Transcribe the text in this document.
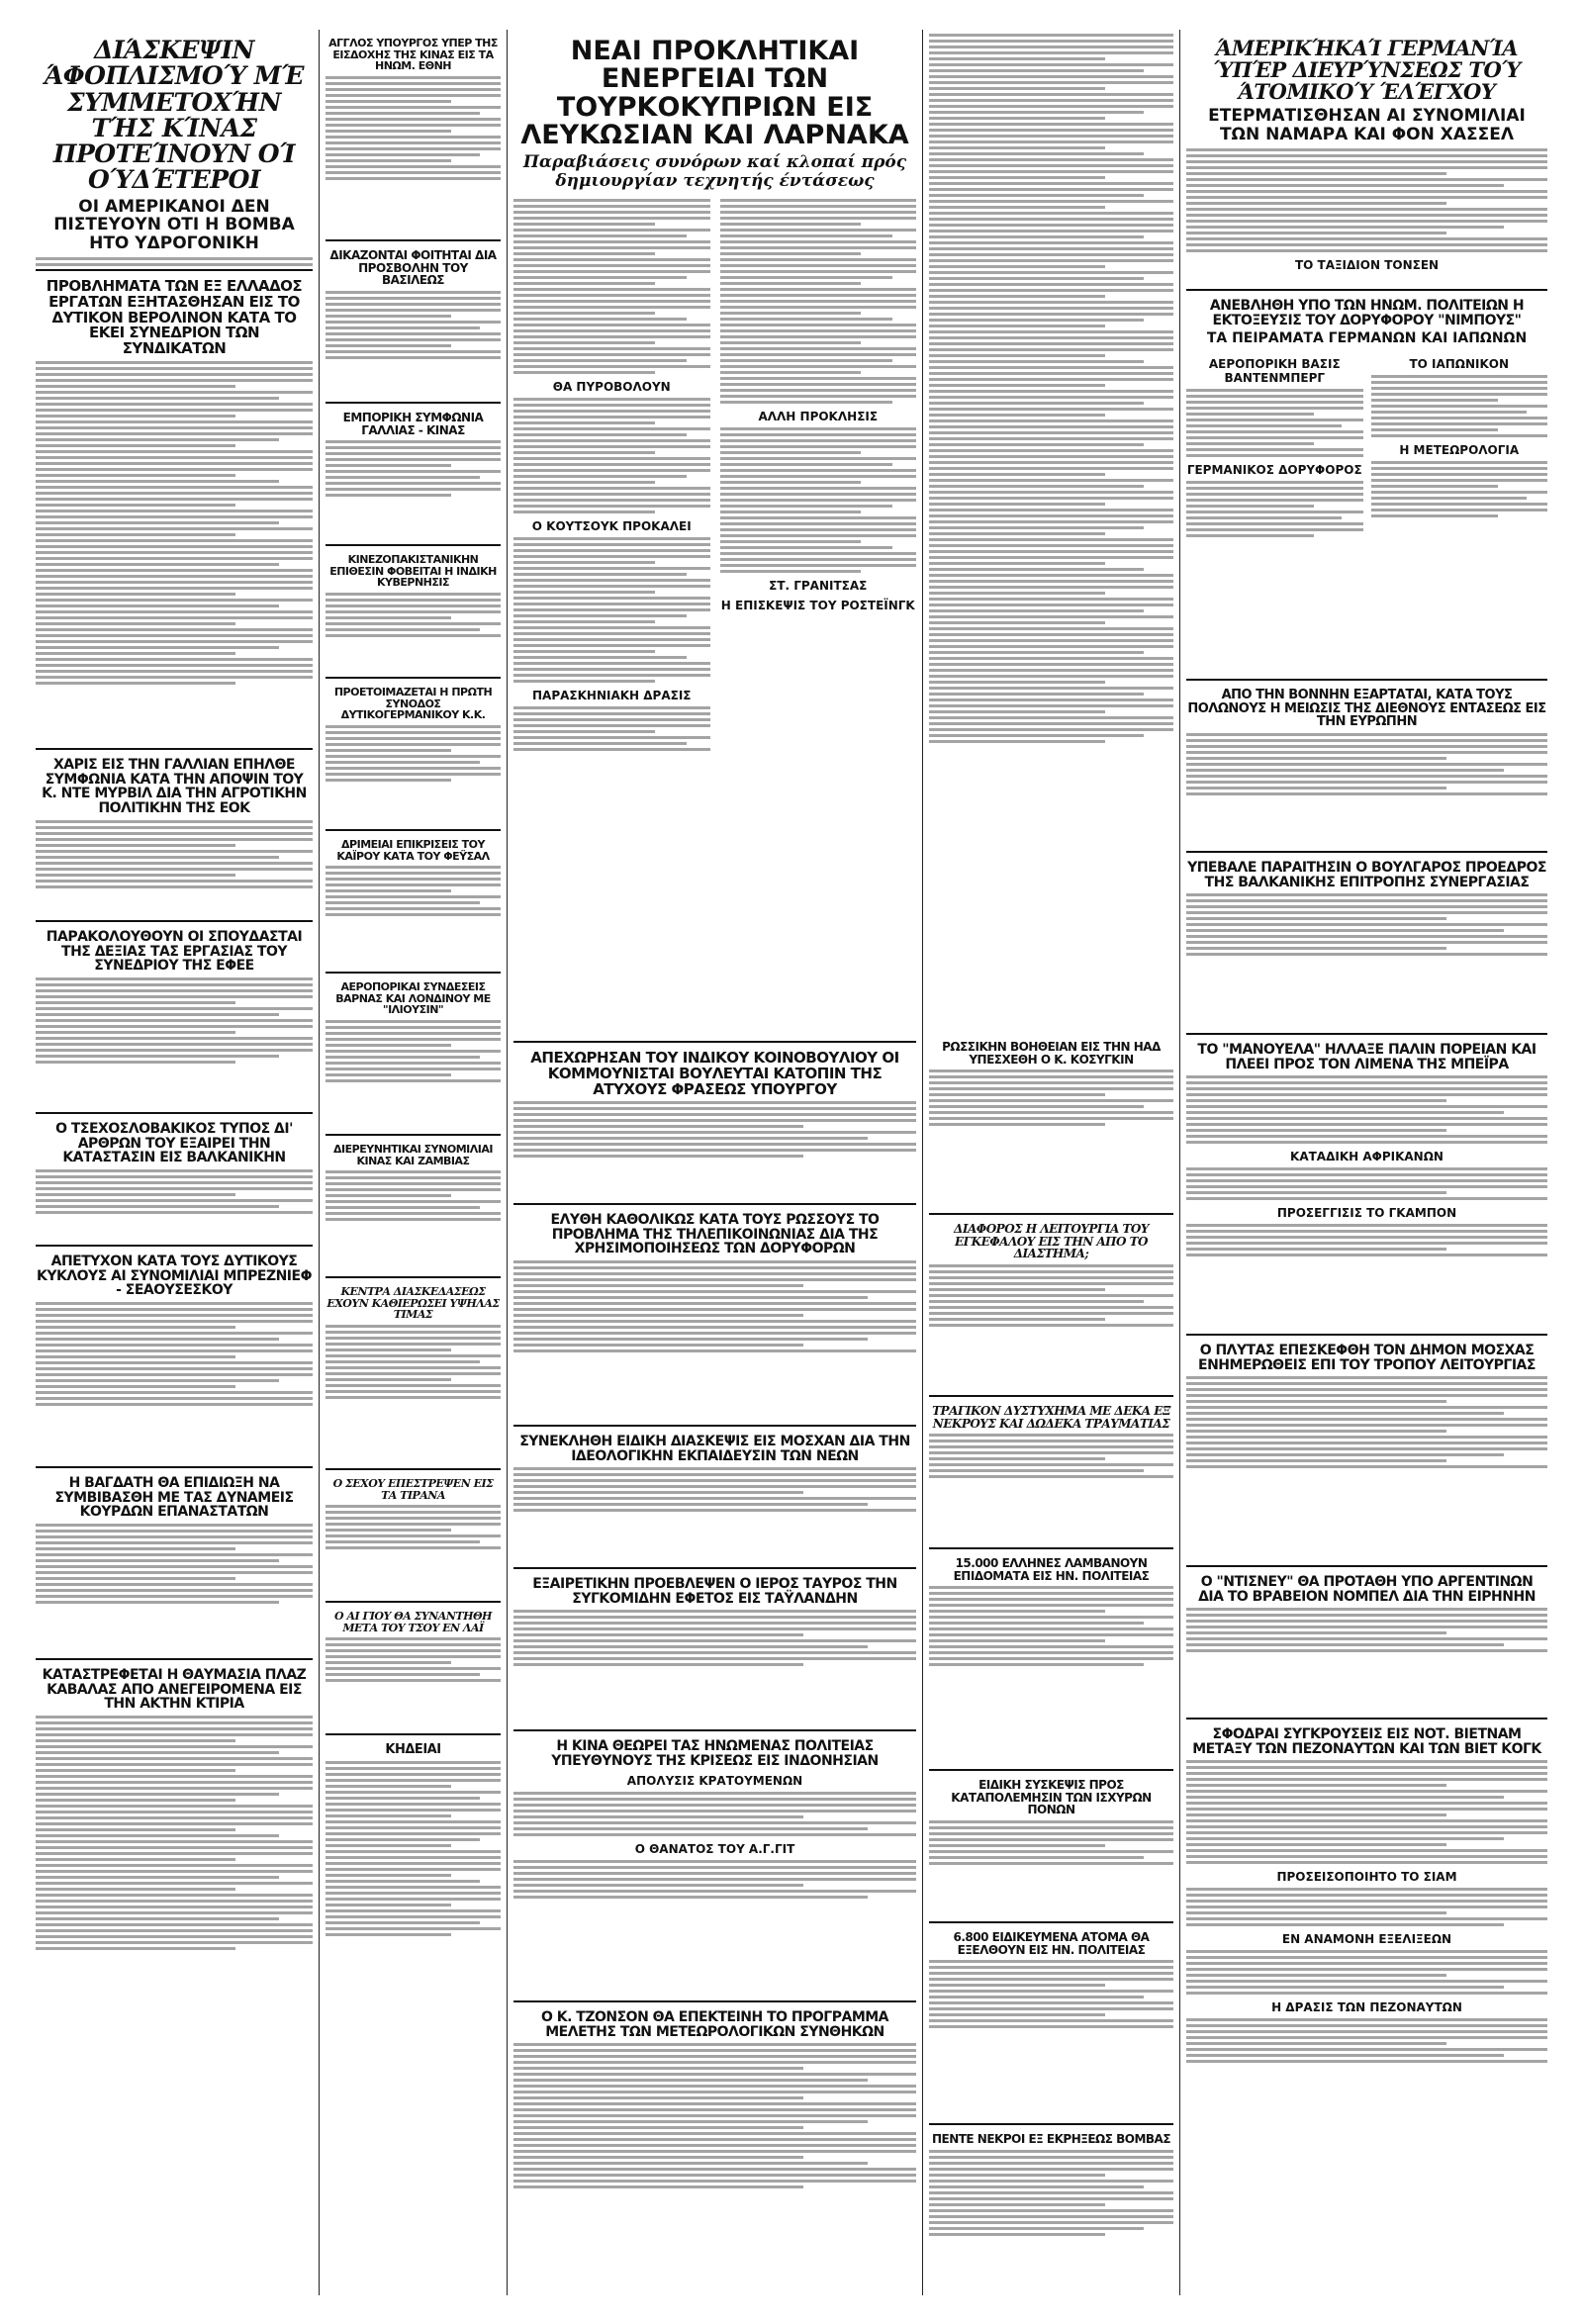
ΔΙΆΣΚΕΨΙΝ ΆΦΟΠΛΙΣΜΟΎ ΜΈ ΣΥΜΜΕΤΟΧΉΝ ΤΉΣ ΚΊΝΑΣ ΠΡΟΤΕΊΝΟΥΝ ΟΊ ΟΎΔΈΤΕΡΟΙ
ΟΙ ΑΜΕΡΙΚΑΝΟΙ ΔΕΝ ΠΙΣΤΕΥΟΥΝ ΟΤΙ Η ΒΟΜΒΑ ΗΤΟ ΥΔΡΟΓΟΝΙΚΗ
ΠΡΟΒΛΗΜΑΤΑ ΤΩΝ ΕΞ ΕΛΛΑΔΟΣ ΕΡΓΑΤΩΝ ΕΞΗΤΑΣΘΗΣΑΝ ΕΙΣ ΤΟ ΔΥΤΙΚΟΝ ΒΕΡΟΛΙΝΟΝ ΚΑΤΑ ΤΟ ΕΚΕΙ ΣΥΝΕΔΡΙΟΝ ΤΩΝ ΣΥΝΔΙΚΑΤΩΝ
ΧΑΡΙΣ ΕΙΣ ΤΗΝ ΓΑΛΛΙΑΝ ΕΠΗΛΘΕ ΣΥΜΦΩΝΙΑ ΚΑΤΑ ΤΗΝ ΑΠΟΨΙΝ ΤΟΥ Κ. ΝΤΕ ΜΥΡΒΙΛ ΔΙΑ ΤΗΝ ΑΓΡΟΤΙΚΗΝ ΠΟΛΙΤΙΚΗΝ ΤΗΣ ΕΟΚ
ΠΑΡΑΚΟΛΟΥΘΟΥΝ ΟΙ ΣΠΟΥΔΑΣΤΑΙ ΤΗΣ ΔΕΞΙΑΣ ΤΑΣ ΕΡΓΑΣΙΑΣ ΤΟΥ ΣΥΝΕΔΡΙΟΥ ΤΗΣ ΕΦΕΕ
Ο ΤΣΕΧΟΣΛΟΒΑΚΙΚΟΣ ΤΥΠΟΣ ΔΙ' ΑΡΘΡΩΝ ΤΟΥ ΕΞΑΙΡΕΙ ΤΗΝ ΚΑΤΑΣΤΑΣΙΝ ΕΙΣ ΒΑΛΚΑΝΙΚΗΝ
ΑΠΕΤΥΧΟΝ ΚΑΤΑ ΤΟΥΣ ΔΥΤΙΚΟΥΣ ΚΥΚΛΟΥΣ ΑΙ ΣΥΝΟΜΙΛΙΑΙ ΜΠΡΕΖΝΙΕΦ - ΣΕΑΟΥΣΕΣΚΟΥ
Η ΒΑΓΔΑΤΗ ΘΑ ΕΠΙΔΙΩΞΗ ΝΑ ΣΥΜΒΙΒΑΣΘΗ ΜΕ ΤΑΣ ΔΥΝΑΜΕΙΣ ΚΟΥΡΔΩΝ ΕΠΑΝΑΣΤΑΤΩΝ
ΚΑΤΑΣΤΡΕΦΕΤΑΙ Η ΘΑΥΜΑΣΙΑ ΠΛΑΖ ΚΑΒΑΛΑΣ ΑΠΟ ΑΝΕΓΕΙΡΟΜΕΝΑ ΕΙΣ ΤΗΝ ΑΚΤΗΝ ΚΤΙΡΙΑ
ΑΓΓΛΟΣ ΥΠΟΥΡΓΟΣ ΥΠΕΡ ΤΗΣ ΕΙΣΔΟΧΗΣ ΤΗΣ ΚΙΝΑΣ ΕΙΣ ΤΑ ΗΝΩΜ. ΕΘΝΗ
ΔΙΚΑΖΟΝΤΑΙ ΦΟΙΤΗΤΑΙ ΔΙΑ ΠΡΟΣΒΟΛΗΝ ΤΟΥ ΒΑΣΙΛΕΩΣ
ΕΜΠΟΡΙΚΗ ΣΥΜΦΩΝΙΑ ΓΑΛΛΙΑΣ - ΚΙΝΑΣ
ΚΙΝΕΖΟΠΑΚΙΣΤΑΝΙΚΗΝ ΕΠΙΘΕΣΙΝ ΦΟΒΕΙΤΑΙ Η ΙΝΔΙΚΗ ΚΥΒΕΡΝΗΣΙΣ
ΠΡΟΕΤΟΙΜΑΖΕΤΑΙ Η ΠΡΩΤΗ ΣΥΝΟΔΟΣ ΔΥΤΙΚΟΓΕΡΜΑΝΙΚΟΥ Κ.Κ.
ΔΡΙΜΕΙΑΙ ΕΠΙΚΡΙΣΕΙΣ ΤΟΥ ΚΑΪΡΟΥ ΚΑΤΑ ΤΟΥ ΦΕΫΣΑΛ
ΑΕΡΟΠΟΡΙΚΑΙ ΣΥΝΔΕΣΕΙΣ ΒΑΡΝΑΣ ΚΑΙ ΛΟΝΔΙΝΟΥ ΜΕ "ΙΛΙΟΥΣΙΝ"
ΔΙΕΡΕΥΝΗΤΙΚΑΙ ΣΥΝΟΜΙΛΙΑΙ ΚΙΝΑΣ ΚΑΙ ΖΑΜΒΙΑΣ
ΚΕΝΤΡΑ ΔΙΑΣΚΕΔΑΣΕΩΣ ΕΧΟΥΝ ΚΑΘΙΕΡΩΣΕΙ ΥΨΗΛΑΣ ΤΙΜΑΣ
Ο ΣΕΧΟΥ ΕΠΕΣΤΡΕΨΕΝ ΕΙΣ ΤΑ ΤΙΡΑΝΑ
Ο ΑΙ ΓΙΟΥ ΘΑ ΣΥΝΑΝΤΗΘΗ ΜΕΤΑ ΤΟΥ ΤΣΟΥ ΕΝ ΛΑΪ
ΚΗΔΕΙΑΙ
ΝΕΑΙ ΠΡΟΚΛΗΤΙΚΑΙ ΕΝΕΡΓΕΙΑΙ ΤΩΝ ΤΟΥΡΚΟΚΥΠΡΙΩΝ ΕΙΣ ΛΕΥΚΩΣΙΑΝ ΚΑΙ ΛΑΡΝΑΚΑ
Παραβιάσεις συνόρων καί κλοπαί πρός δημιουργίαν τεχνητής έντάσεως
ΘΑ ΠΥΡΟΒΟΛΟΥΝ
Ο ΚΟΥΤΣΟΥΚ ΠΡΟΚΑΛΕΙ
ΠΑΡΑΣΚΗΝΙΑΚΗ ΔΡΑΣΙΣ
ΑΛΛΗ ΠΡΟΚΛΗΣΙΣ
ΣΤ. ΓΡΑΝΙΤΣΑΣ
Η ΕΠΙΣΚΕΨΙΣ ΤΟΥ ΡΟΣΤΕΪΝΓΚ
ΑΠΕΧΩΡΗΣΑΝ ΤΟΥ ΙΝΔΙΚΟΥ ΚΟΙΝΟΒΟΥΛΙΟΥ ΟΙ ΚΟΜΜΟΥΝΙΣΤΑΙ ΒΟΥΛΕΥΤΑΙ ΚΑΤΟΠΙΝ ΤΗΣ ΑΤΥΧΟΥΣ ΦΡΑΣΕΩΣ ΥΠΟΥΡΓΟΥ
ΕΛΥΘΗ ΚΑΘΟΛΙΚΩΣ ΚΑΤΑ ΤΟΥΣ ΡΩΣΣΟΥΣ ΤΟ ΠΡΟΒΛΗΜΑ ΤΗΣ ΤΗΛΕΠΙΚΟΙΝΩΝΙΑΣ ΔΙΑ ΤΗΣ ΧΡΗΣΙΜΟΠΟΙΗΣΕΩΣ ΤΩΝ ΔΟΡΥΦΟΡΩΝ
ΣΥΝΕΚΛΗΘΗ ΕΙΔΙΚΗ ΔΙΑΣΚΕΨΙΣ ΕΙΣ ΜΟΣΧΑΝ ΔΙΑ ΤΗΝ ΙΔΕΟΛΟΓΙΚΗΝ ΕΚΠΑΙΔΕΥΣΙΝ ΤΩΝ ΝΕΩΝ
ΕΞΑΙΡΕΤΙΚΗΝ ΠΡΟΕΒΛΕΨΕΝ Ο ΙΕΡΟΣ ΤΑΥΡΟΣ ΤΗΝ ΣΥΓΚΟΜΙΔΗΝ ΕΦΕΤΟΣ ΕΙΣ ΤΑΫΛΑΝΔΗΝ
Η ΚΙΝΑ ΘΕΩΡΕΙ ΤΑΣ ΗΝΩΜΕΝΑΣ ΠΟΛΙΤΕΙΑΣ ΥΠΕΥΘΥΝΟΥΣ ΤΗΣ ΚΡΙΣΕΩΣ ΕΙΣ ΙΝΔΟΝΗΣΙΑΝ
ΑΠΟΛΥΣΙΣ ΚΡΑΤΟΥΜΕΝΩΝ
Ο ΘΑΝΑΤΟΣ ΤΟΥ Α.Γ.ΓΙΤ
Ο Κ. ΤΖΟΝΣΟΝ ΘΑ ΕΠΕΚΤΕΙΝΗ ΤΟ ΠΡΟΓΡΑΜΜΑ ΜΕΛΕΤΗΣ ΤΩΝ ΜΕΤΕΩΡΟΛΟΓΙΚΩΝ ΣΥΝΘΗΚΩΝ
ΡΩΣΣΙΚΗΝ ΒΟΗΘΕΙΑΝ ΕΙΣ ΤΗΝ ΗΑΔ ΥΠΕΣΧΕΘΗ Ο Κ. ΚΟΣΥΓΚΙΝ
ΔΙΑΦΟΡΟΣ Η ΛΕΙΤΟΥΡΓΙΑ ΤΟΥ ΕΓΚΕΦΑΛΟΥ ΕΙΣ ΤΗΝ ΑΠΟ ΤΟ ΔΙΑΣΤΗΜΑ;
ΤΡΑΓΙΚΟΝ ΔΥΣΤΥΧΗΜΑ ΜΕ ΔΕΚΑ ΕΞ ΝΕΚΡΟΥΣ ΚΑΙ ΔΩΔΕΚΑ ΤΡΑΥΜΑΤΙΑΣ
15.000 ΕΛΛΗΝΕΣ ΛΑΜΒΑΝΟΥΝ ΕΠΙΔΟΜΑΤΑ ΕΙΣ ΗΝ. ΠΟΛΙΤΕΙΑΣ
ΕΙΔΙΚΗ ΣΥΣΚΕΨΙΣ ΠΡΟΣ ΚΑΤΑΠΟΛΕΜΗΣΙΝ ΤΩΝ ΙΣΧΥΡΩΝ ΠΟΝΩΝ
6.800 ΕΙΔΙΚΕΥΜΕΝΑ ΑΤΟΜΑ ΘΑ ΕΞΕΛΘΟΥΝ ΕΙΣ ΗΝ. ΠΟΛΙΤΕΙΑΣ
ΠΕΝΤΕ ΝΕΚΡΟΙ ΕΞ ΕΚΡΗΞΕΩΣ ΒΟΜΒΑΣ
ΆΜΕΡΙΚΉΚΑΊ ΓΕΡΜΑΝΊΑ ΎΠΈΡ ΔΙΕΥΡΎΝΣΕΩΣ ΤΟΎ ΆΤΟΜΙΚΟΎ ΈΛΈΓΧΟΥ
ΕΤΕΡΜΑΤΙΣΘΗΣΑΝ ΑΙ ΣΥΝΟΜΙΛΙΑΙ ΤΩΝ ΝΑΜΑΡΑ ΚΑΙ ΦΟΝ ΧΑΣΣΕΛ
ΤΟ ΤΑΞΙΔΙΟΝ ΤΟΝΣΕΝ
ΑΝΕΒΛΗΘΗ ΥΠΟ ΤΩΝ ΗΝΩΜ. ΠΟΛΙΤΕΙΩΝ Η ΕΚΤΟΞΕΥΣΙΣ ΤΟΥ ΔΟΡΥΦΟΡΟΥ "ΝΙΜΠΟΥΣ"
ΤΑ ΠΕΙΡΑΜΑΤΑ ΓΕΡΜΑΝΩΝ ΚΑΙ ΙΑΠΩΝΩΝ
ΑΕΡΟΠΟΡΙΚΗ ΒΑΣΙΣ ΒΑΝΤΕΝΜΠΕΡΓ
ΓΕΡΜΑΝΙΚΟΣ ΔΟΡΥΦΟΡΟΣ
ΤΟ ΙΑΠΩΝΙΚΟΝ
Η ΜΕΤΕΩΡΟΛΟΓΙΑ
ΑΠΟ ΤΗΝ ΒΟΝΝΗΝ ΕΞΑΡΤΑΤΑΙ, ΚΑΤΑ ΤΟΥΣ ΠΟΛΩΝΟΥΣ Η ΜΕΙΩΣΙΣ ΤΗΣ ΔΙΕΘΝΟΥΣ ΕΝΤΑΣΕΩΣ ΕΙΣ ΤΗΝ ΕΥΡΩΠΗΝ
ΥΠΕΒΑΛΕ ΠΑΡΑΙΤΗΣΙΝ Ο ΒΟΥΛΓΑΡΟΣ ΠΡΟΕΔΡΟΣ ΤΗΣ ΒΑΛΚΑΝΙΚΗΣ ΕΠΙΤΡΟΠΗΣ ΣΥΝΕΡΓΑΣΙΑΣ
ΤΟ "ΜΑΝΟΥΕΛΑ" ΗΛΛΑΞΕ ΠΑΛΙΝ ΠΟΡΕΙΑΝ ΚΑΙ ΠΛΕΕΙ ΠΡΟΣ ΤΟΝ ΛΙΜΕΝΑ ΤΗΣ ΜΠΕΪΡΑ
ΚΑΤΑΔΙΚΗ ΑΦΡΙΚΑΝΩΝ
ΠΡΟΣΕΓΓΙΣΙΣ ΤΟ ΓΚΑΜΠΟΝ
Ο ΠΛΥΤΑΣ ΕΠΕΣΚΕΦΘΗ ΤΟΝ ΔΗΜΟΝ ΜΟΣΧΑΣ ΕΝΗΜΕΡΩΘΕΙΣ ΕΠΙ ΤΟΥ ΤΡΟΠΟΥ ΛΕΙΤΟΥΡΓΙΑΣ
Ο "ΝΤΙΣΝΕΥ" ΘΑ ΠΡΟΤΑΘΗ ΥΠΟ ΑΡΓΕΝΤΙΝΩΝ ΔΙΑ ΤΟ ΒΡΑΒΕΙΟΝ ΝΟΜΠΕΛ ΔΙΑ ΤΗΝ ΕΙΡΗΝΗΝ
ΣΦΟΔΡΑΙ ΣΥΓΚΡΟΥΣΕΙΣ ΕΙΣ ΝΟΤ. ΒΙΕΤΝΑΜ ΜΕΤΑΞΥ ΤΩΝ ΠΕΖΟΝΑΥΤΩΝ ΚΑΙ ΤΩΝ ΒΙΕΤ ΚΟΓΚ
ΠΡΟΣΕΙΣΟΠΟΙΗΤΟ ΤΟ ΣΙΑΜ
ΕΝ ΑΝΑΜΟΝΗ ΕΞΕΛΙΞΕΩΝ
Η ΔΡΑΣΙΣ ΤΩΝ ΠΕΖΟΝΑΥΤΩΝ
